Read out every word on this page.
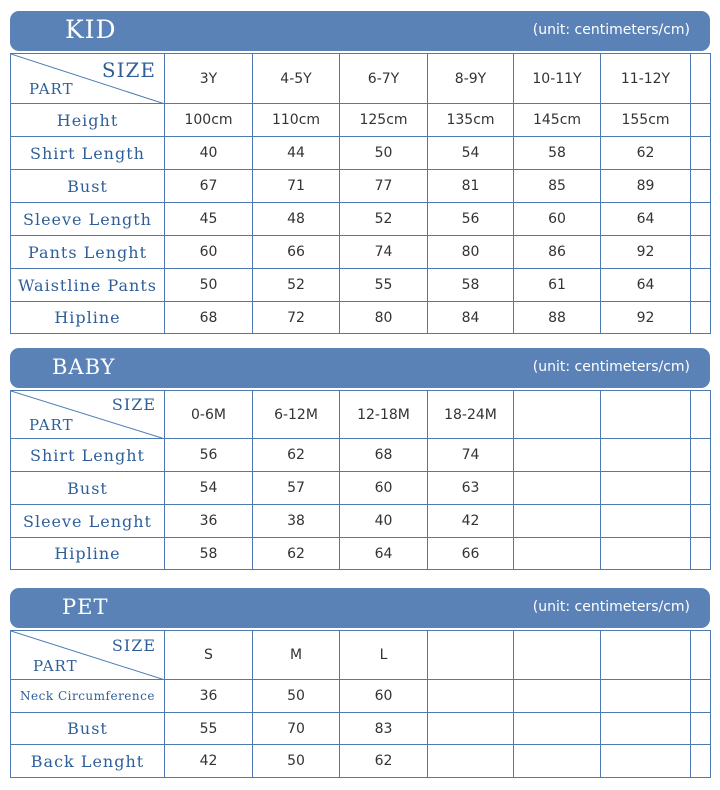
KID	(unit: centimeters/cm)
SIZE
PART	3Y	4-5Y	6-7Y	8-9Y	10-11Y	11-12Y	
Height	100cm	110cm	125cm	135cm	145cm	155cm	
Shirt Length	40	44	50	54	58	62	
Bust	67	71	77	81	85	89	
Sleeve Length	45	48	52	56	60	64	
Pants Lenght	60	66	74	80	86	92	
Waistline Pants	50	52	55	58	61	64	
Hipline	68	72	80	84	88	92	
BABY	(unit: centimeters/cm)
SIZE
PART	0-6M	6-12M	12-18M	18-24M			
Shirt Lenght	56	62	68	74			
Bust	54	57	60	63			
Sleeve Lenght	36	38	40	42			
Hipline	58	62	64	66			
PET	(unit: centimeters/cm)
SIZE
PART	S	M	L				
Neck Circumference	36	50	60				
Bust	55	70	83				
Back Lenght	42	50	62				
